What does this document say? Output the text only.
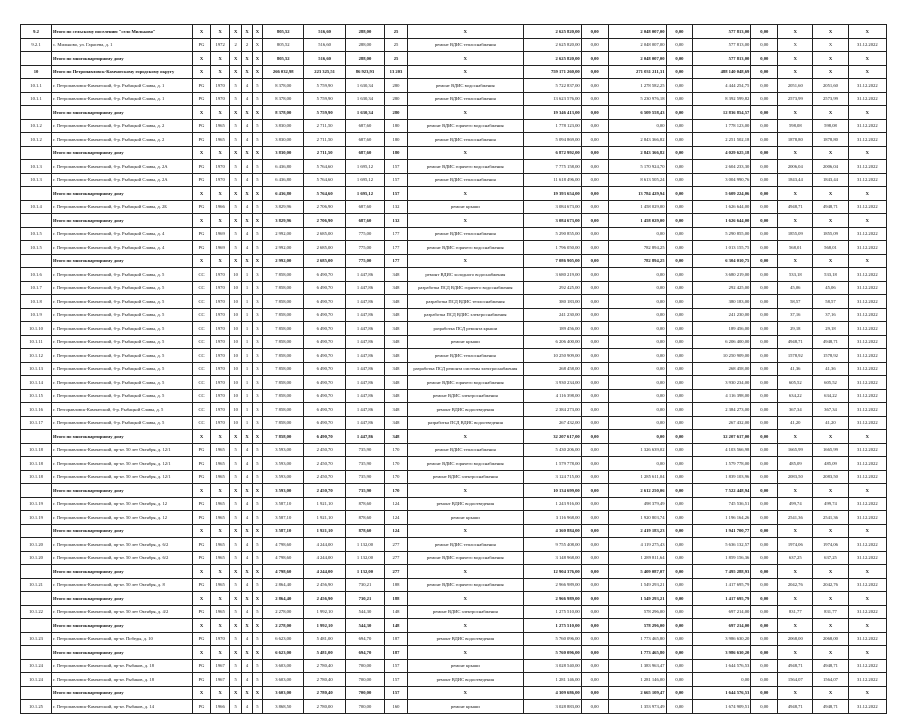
9.2	Итого по сельскому поселению "село Мильково"	X	X	X	X	X	805,52	516,60	288,00	25	X	2 625 820,00	0,00	2 048 007,00	0,00	577 813,00	0,00	X	X	X
9.2.1	с. Мильково, ул. Гарасева, д. 1	PG	1972	2	2	X	805,52	516,60	288,00	25	ремонт ВДИС теплоснабжения	2 625 820,00	0,00	2 048 007,00	0,00	577 813,00	0,00	X	X	31.12.2022
	Итого по многоквартирному дому	X	X	X	X	X	805,52	516,60	288,00	25	X	2 625 820,00	0,00	2 048 007,00	0,00	577 813,00	0,00	X	X	X
10	Итого по Петропавловск-Камчатскому городскому округу	X	X	X	X	X	266 032,98	223 325,51	86 923,93	13 203	X	759 171 260,00	0,00	271 031 211,31	0,00	488 140 048,69	0,00	X	X	X
10.1.1	г. Петропавловск-Камчатский, б-р. Рыбацкой Славы, д. 1	PG	1970	5	4	5	8 378,00	5 759,90	1 630,34	280	ремонт ВДИС водоснабжения	5 722 837,00	0,00	1 278 582,25	0,00	4 444 254,75	0,00	2051,60	2051,60	31.12.2022
10.1.1	г. Петропавловск-Камчатский, б-р. Рыбацкой Славы, д. 1	PG	1970	5	4	5	8 378,00	5 759,90	1 630,34	280	ремонт ВДИС теплоснабжения	13 623 576,00	0,00	5 230 976,18	0,00	8 392 599,82	0,00	2573,99	2573,99	31.12.2022
	Итого по многоквартирному дому	X	X	X	X	X	8 378,00	5 759,90	1 630,34	280	X	19 346 413,00	0,00	6 509 558,43	0,00	12 836 854,57	0,00	X	X	X
10.1.2	г. Петропавловск-Камчатский, б-р. Рыбацкой Славы, д. 2	PG	1965	5	4	5	3 830,00	2 711,50	687,60	180	ремонт ВДИС горячего водоснабжения	1 778 123,00	0,00	0,00	0,00	1 778 123,00	0,00	598,08	598,08	31.12.2022
10.1.2	г. Петропавловск-Камчатский, б-р. Рыбацкой Славы, д. 2	PG	1965	5	4	5	3 830,00	2 711,50	687,60	180	ремонт ВДИС теплоснабжения	5 094 869,00	0,00	2 843 366,82	0,00	2 251 502,18	0,00	1878,80	1878,80	31.12.2022
	Итого по многоквартирному дому	X	X	X	X	X	3 830,00	2 711,50	687,60	180	X	6 872 992,00	0,00	2 843 366,82	0,00	4 029 625,18	0,00	X	X	X
10.1.3	г. Петропавловск-Камчатский, б-р. Рыбацкой Славы, д. 2А	PG	1970	5	4	5	6 436,80	5 764,60	1 695,12	157	ремонт ВДИС горячего водоснабжения	7 775 158,00	0,00	5 170 924,70	0,00	2 604 233,30	0,00	2006,04	2006,04	31.12.2022
10.1.3	г. Петропавловск-Камчатский, б-р. Рыбацкой Славы, д. 2А	PG	1970	5	4	5	6 436,80	5 764,60	1 695,12	157	ремонт ВДИС теплоснабжения	11 618 496,00	0,00	8 613 505,24	0,00	3 004 990,76	0,00	1843,44	1843,44	31.12.2022
	Итого по многоквартирному дому	X	X	X	X	X	6 436,80	5 764,60	1 695,12	157	X	19 393 654,00	0,00	13 784 429,94	0,00	5 609 224,06	0,00	X	X	X
10.1.4	г. Петропавловск-Камчатский, б-р. Рыбацкой Славы, д. 2Б	PG	1966	5	4	5	3 829,96	2 706,90	687,60	132	ремонт крыши	3 084 673,00	0,00	1 458 029,00	0,00	1 626 644,00	0,00	4948,71	4948,71	31.12.2022
	Итого по многоквартирному дому	X	X	X	X	X	3 829,96	2 706,90	687,60	132	X	3 084 673,00	0,00	1 458 029,00	0,00	1 626 644,00	0,00	X	X	X
10.1.5	г. Петропавловск-Камчатский, б-р. Рыбацкой Славы, д. 4	PG	1969	5	4	5	2 992,00	2 685,00	775,00	177	ремонт ВДИС теплоснабжения	5 290 855,00	0,00	0,00	0,00	5 290 855,00	0,00	1855,09	1855,09	31.12.2022
10.1.5	г. Петропавловск-Камчатский, б-р. Рыбацкой Славы, д. 4	PG	1969	5	4	5	2 992,00	2 685,00	775,00	177	ремонт ВДИС горячего водоснабжения	1 796 050,00	0,00	782 894,25	0,00	1 013 155,75	0,00	568,01	568,01	31.12.2022
	Итого по многоквартирному дому	X	X	X	X	X	2 992,00	2 685,00	775,00	177	X	7 086 905,00	0,00	782 894,25	0,00	6 304 010,75	0,00	X	X	X
10.1.6	г. Петропавловск-Камчатский, б-р. Рыбацкой Славы, д. 5	CC	1970	10	1	3	7 858,00	6 490,70	1 447,86	348	ремонт ВДИС холодного водоснабжения	3 680 219,00	0,00	0,00	0,00	3 680 219,00	0,00	533,18	533,18	31.12.2022
10.1.7	г. Петропавловск-Камчатский, б-р. Рыбацкой Славы, д. 5	CC	1970	10	1	3	7 858,00	6 490,70	1 447,86	348	разработка ПСД ВДИС горячего водоснабжения	292 425,00	0,00	0,00	0,00	292 425,00	0,00	45,06	45,06	31.12.2022
10.1.8	г. Петропавловск-Камчатский, б-р. Рыбацкой Славы, д. 5	CC	1970	10	1	3	7 858,00	6 490,70	1 447,86	348	разработка ПСД ВДИС теплоснабжения	380 183,00	0,00	0,00	0,00	380 183,00	0,00	58,57	58,57	31.12.2022
10.1.9	г. Петропавловск-Камчатский, б-р. Рыбацкой Славы, д. 5	CC	1970	10	1	3	7 858,00	6 490,70	1 447,86	348	разработка ПСД ВДИС электроснабжения	241 230,00	0,00	0,00	0,00	241 230,00	0,00	37,16	37,16	31.12.2022
10.1.10	г. Петропавловск-Камчатский, б-р. Рыбацкой Славы, д. 5	CC	1970	10	1	3	7 858,00	6 490,70	1 447,86	348	разработка ПСД ремонта крыши	189 456,00	0,00	0,00	0,00	189 456,00	0,00	29,18	29,18	31.12.2022
10.1.11	г. Петропавловск-Камчатский, б-р. Рыбацкой Славы, д. 5	CC	1970	10	1	3	7 858,00	6 490,70	1 447,86	348	ремонт крыши	6 206 400,00	0,00	0,00	0,00	6 206 400,00	0,00	4948,71	4948,71	31.12.2022
10.1.12	г. Петропавловск-Камчатский, б-р. Рыбацкой Славы, д. 5	CC	1970	10	1	3	7 858,00	6 490,70	1 447,86	348	ремонт ВДИС теплоснабжения	10 250 909,00	0,00	0,00	0,00	10 250 909,00	0,00	1578,92	1578,92	31.12.2022
10.1.13	г. Петропавловск-Камчатский, б-р. Рыбацкой Славы, д. 5	CC	1970	10	1	3	7 858,00	6 490,70	1 447,86	348	разработка ПСД ремонта системы электроснабжения	268 458,00	0,00	0,00	0,00	268 458,00	0,00	41,36	41,36	31.12.2022
10.1.14	г. Петропавловск-Камчатский, б-р. Рыбацкой Славы, д. 5	CC	1970	10	1	3	7 858,00	6 490,70	1 447,86	348	ремонт ВДИС горячего водоснабжения	3 930 234,00	0,00	0,00	0,00	3 930 234,00	0,00	605,52	605,52	31.12.2022
10.1.15	г. Петропавловск-Камчатский, б-р. Рыбацкой Славы, д. 5	CC	1970	10	1	3	7 858,00	6 490,70	1 447,86	348	ремонт ВДИС электроснабжения	4 116 398,00	0,00	0,00	0,00	4 116 398,00	0,00	634,22	634,22	31.12.2022
10.1.16	г. Петropавловск-Камчатский, б-р. Рыбацкой Славы, д. 5	CC	1970	10	1	3	7 858,00	6 490,70	1 447,86	348	ремонт ВДИС водоотведения	2 384 273,00	0,00	0,00	0,00	2 384 273,00	0,00	367,34	367,34	31.12.2022
10.1.17	г. Петропавловск-Камчатский, б-р. Рыбацкой Славы, д. 5	CC	1970	10	1	3	7 858,00	6 490,70	1 447,86	348	разработка ПСД ВДИС водоотведения	267 432,00	0,00	0,00	0,00	267 432,00	0,00	41,20	41,20	31.12.2022
	Итого по многоквартирному дому	X	X	X	X	X	7 858,00	6 490,70	1 447,86	348	X	32 207 617,00	0,00	0,00	0,00	32 207 617,00	0,00	X	X	X
10.1.18	г. Петропавловск-Камчатский, пр-кт. 50 лет Октября, д. 12/1	PG	1965	5	4	5	3 593,00	2 450,70	735,90	170	ремонт ВДИС теплоснабжения	5 430 206,00	0,00	1 326 639,02	0,00	4 103 566,98	0,00	1665,99	1665,99	31.12.2022
10.1.18	г. Петропавловск-Камчатский, пр-кт. 50 лет Октября, д. 12/1	PG	1965	5	4	5	3 593,00	2 450,70	735,90	170	ремонт ВДИС горячего водоснабжения	1 579 778,00	0,00	0,00	0,00	1 579 778,00	0,00	485,09	485,09	31.12.2022
10.1.18	г. Петропавловск-Камчатский, пр-кт. 50 лет Октября, д. 12/1	PG	1965	5	4	5	3 593,00	2 450,70	735,90	170	ремонт ВДИС электроснабжения	3 124 715,00	0,00	1 285 611,04	0,00	1 839 103,96	0,00	2083,50	2083,50	31.12.2022
	Итого по многоквартирному дому	X	X	X	X	X	3 593,00	2 450,70	735,90	170	X	10 134 699,00	0,00	2 612 250,06	0,00	7 522 448,94	0,00	X	X	X
10.1.19	г. Петропавловск-Камчатский, пр-кт. 50 лет Октября, д. 12	PG	1965	5	4	5	3 587,10	1 921,10	878,60	124	ремонт ВДИС водоотведения	1 243 916,00	0,00	498 379,49	0,00	745 536,51	0,00	499,74	499,74	31.12.2022
10.1.19	г. Петропавловск-Камчатский, пр-кт. 50 лет Октября, д. 12	PG	1965	5	4	5	3 587,10	1 921,10	878,60	124	ремонт крыши	3 116 968,00	0,00	1 920 803,74	0,00	1 196 164,26	0,00	2541,36	2541,36	31.12.2022
	Итого по многоквартирному дому	X	X	X	X	X	3 587,10	1 921,10	878,60	124	X	4 360 884,00	0,00	2 419 183,23	0,00	1 941 700,77	0,00	X	X	X
10.1.20	г. Петропавловск-Камчатский, пр-кт. 50 лет Октября, д. 6/2	PG	1965	5	4	5	4 798,60	4 244,00	1 132,00	277	ремонт ВДИС теплоснабжения	9 755 408,00	0,00	4 119 275,43	0,00	5 636 132,57	0,00	1974,06	1974,06	31.12.2022
10.1.20	г. Петропавловск-Камчатский, пр-кт. 50 лет Октября, д. 6/2	PG	1965	5	4	5	4 798,60	4 244,00	1 132,00	277	ремонт ВДИС горячего водоснабжения	3 148 968,00	0,00	1 289 811,64	0,00	1 859 156,36	0,00	637,25	637,25	31.12.2022
	Итого по многоквартирному дому	X	X	X	X	X	4 798,60	4 244,00	1 132,00	277	X	12 904 376,00	0,00	5 409 087,07	0,00	7 495 288,93	0,00	X	X	X
10.1.21	г. Петропавловск-Камчатский, пр-кт. 50 лет Октября, д. 8	PG	1965	5	4	5	2 864,40	2 456,90	730,21	188	ремонт ВДИС горячего водоснабжения	2 966 989,00	0,00	1 549 293,21	0,00	1 417 695,79	0,00	2042,76	2042,76	31.12.2022
	Итого по многоквартирному дому	X	X	X	X	X	2 864,40	2 456,90	730,21	188	X	2 966 989,00	0,00	1 549 293,21	0,00	1 417 695,79	0,00	X	X	X
10.1.22	г. Петропавловск-Камчатский, пр-кт. 50 лет Октября, д. 4/2	PG	1965	5	4	5	2 278,00	1 992,10	544,30	148	ремонт ВДИС электроснабжения	1 275 510,00	0,00	578 296,00	0,00	697 214,00	0,00	831,77	831,77	31.12.2022
	Итого по многоквартирному дому	X	X	X	X	X	2 278,00	1 992,10	544,30	148	X	1 275 510,00	0,00	578 296,00	0,00	697 214,00	0,00	X	X	X
10.1.23	г. Петропавловск-Камчатский, пр-кт. Победы, д. 10	PG	1970	5	4	5	6 623,00	5 481,00	694,70	187	ремонт ВДИС водоотведения	5 760 096,00	0,00	1 773 465,80	0,00	3 986 630,20	0,00	2068,00	2068,00	31.12.2022
	Итого по многоквартирному дому	X	X	X	X	X	6 623,00	5 481,00	694,70	187	X	5 760 096,00	0,00	1 773 465,80	0,00	3 986 630,20	0,00	X	X	X
10.1.24	г. Петропавловск-Камчатский, пр-кт. Рыбаков, д. 18	PG	1967	5	4	5	3 603,00	2 780,40	700,00	157	ремонт крыши	3 028 540,00	0,00	1 383 963,47	0,00	1 644 576,53	0,00	4948,71	4948,71	31.12.2022
10.1.24	г. Петропавловск-Камчатский, пр-кт. Рыбаков, д. 18	PG	1967	5	4	5	3 603,00	2 780,40	700,00	157	ремонт ВДИС водоотведения	1 281 146,00	0,00	1 281 146,00	0,00	0,00	0,00	1564,07	1564,07	31.12.2022
	Итого по многоквартирному дому	X	X	X	X	X	3 603,00	2 780,40	700,00	157	X	4 309 686,00	0,00	2 665 109,47	0,00	1 644 576,53	0,00	X	X	X
10.1.25	г. Петропавловск-Камчатский, пр-кт. Рыбаков, д. 14	PG	1966	5	4	5	3 868,50	2 780,00	700,00	160	ремонт крыши	3 028 883,00	0,00	1 353 973,49	0,00	1 674 909,51	0,00	4948,71	4948,71	31.12.2022
